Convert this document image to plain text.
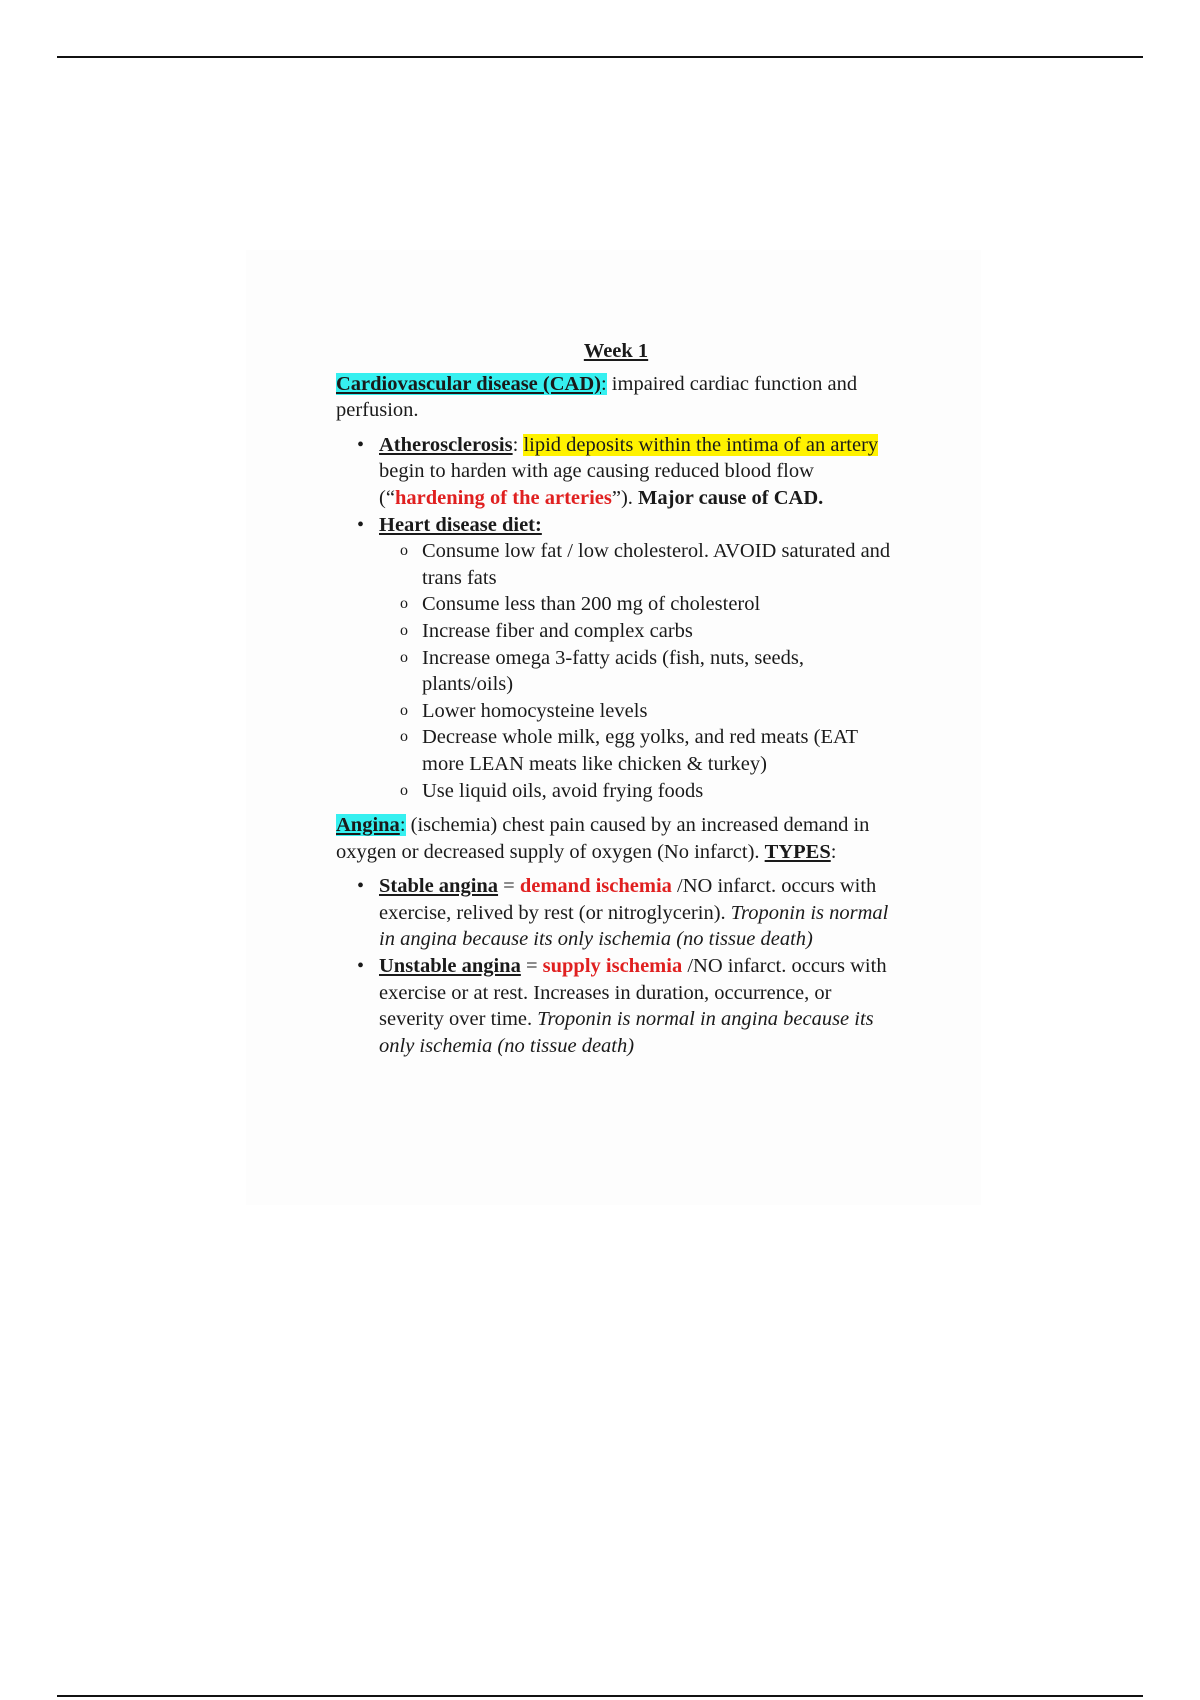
Week 1

Cardiovascular disease (CAD): impaired cardiac function and perfusion.

• Atherosclerosis: lipid deposits within the intima of an artery begin to harden with age causing reduced blood flow (“hardening of the arteries”). Major cause of CAD.
• Heart disease diet:
o Consume low fat / low cholesterol. AVOID saturated and trans fats
o Consume less than 200 mg of cholesterol
o Increase fiber and complex carbs
o Increase omega 3-fatty acids (fish, nuts, seeds, plants/oils)
o Lower homocysteine levels
o Decrease whole milk, egg yolks, and red meats (EAT more LEAN meats like chicken & turkey)
o Use liquid oils, avoid frying foods

Angina: (ischemia) chest pain caused by an increased demand in oxygen or decreased supply of oxygen (No infarct). TYPES:

• Stable angina = demand ischemia /NO infarct. occurs with exercise, relived by rest (or nitroglycerin). Troponin is normal in angina because its only ischemia (no tissue death)
• Unstable angina = supply ischemia /NO infarct. occurs with exercise or at rest. Increases in duration, occurrence, or severity over time. Troponin is normal in angina because its only ischemia (no tissue death)
